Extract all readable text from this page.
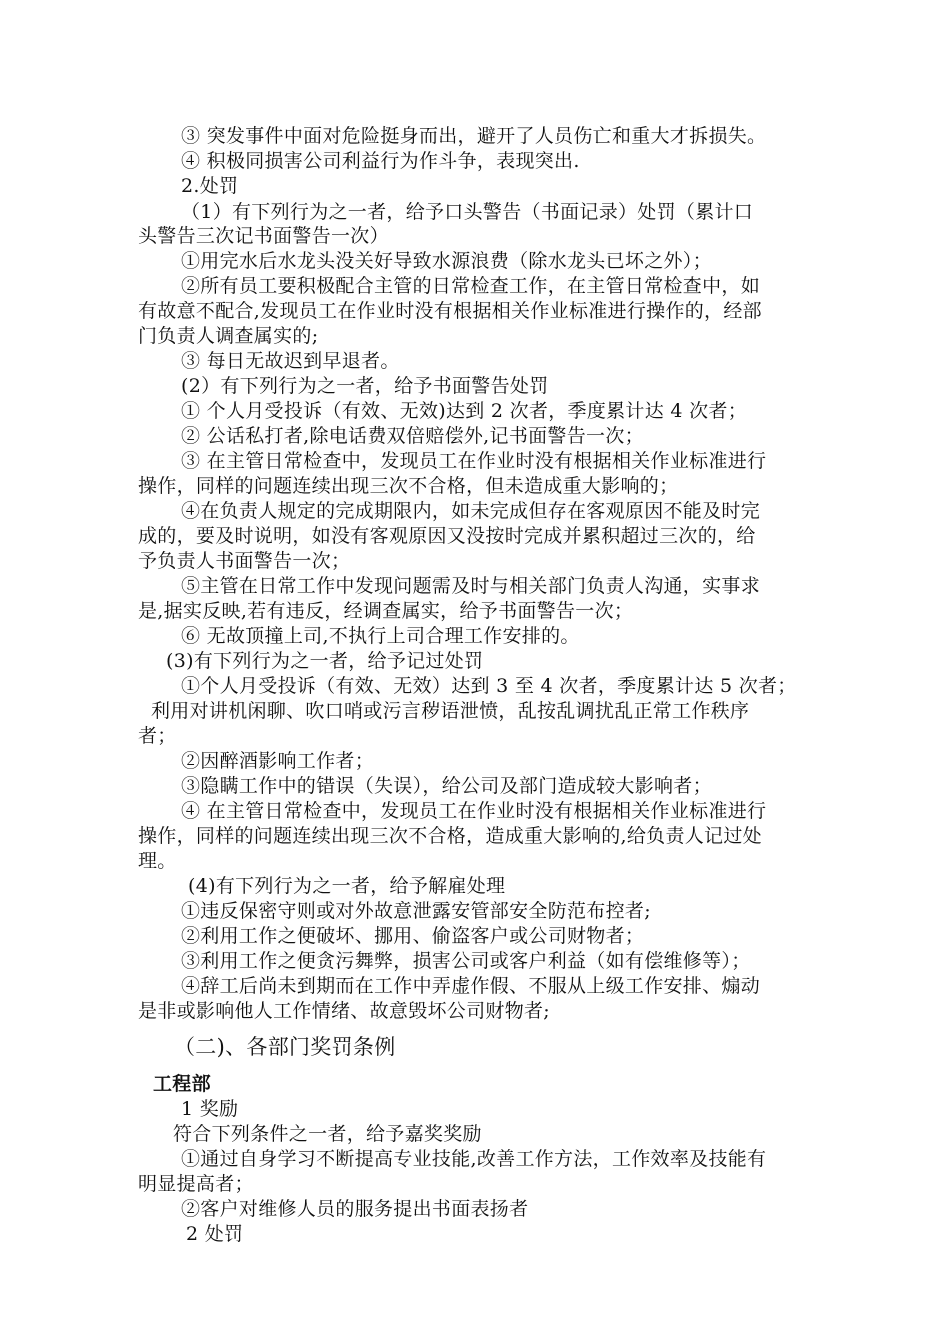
③ 突发事件中面对危险挺身而出，避开了人员伤亡和重大才拆损失。
④ 积极同损害公司利益行为作斗争，表现突出.
2.处罚
（1）有下列行为之一者，给予口头警告（书面记录）处罚（累计口
头警告三次记书面警告一次）
①用完水后水龙头没关好导致水源浪费（除水龙头已坏之外）；
②所有员工要积极配合主管的日常检查工作，在主管日常检查中，如
有故意不配合,发现员工在作业时没有根据相关作业标准进行操作的，经部
门负责人调查属实的;
③ 每日无故迟到早退者。
(2）有下列行为之一者，给予书面警告处罚
① 个人月受投诉（有效、无效)达到 2 次者，季度累计达 4 次者；
② 公话私打者,除电话费双倍赔偿外,记书面警告一次；
③ 在主管日常检查中，发现员工在作业时没有根据相关作业标准进行
操作，同样的问题连续出现三次不合格，但未造成重大影响的；
④在负责人规定的完成期限内，如未完成但存在客观原因不能及时完
成的，要及时说明，如没有客观原因又没按时完成并累积超过三次的，给
予负责人书面警告一次；
⑤主管在日常工作中发现问题需及时与相关部门负责人沟通，实事求
是,据实反映,若有违反，经调查属实，给予书面警告一次；
⑥ 无故顶撞上司,不执行上司合理工作安排的。
(3)有下列行为之一者，给予记过处罚
①个人月受投诉（有效、无效）达到 3 至 4 次者，季度累计达 5 次者；
利用对讲机闲聊、吹口哨或污言秽语泄愤，乱按乱调扰乱正常工作秩序
者；
②因醉酒影响工作者；
③隐瞒工作中的错误（失误），给公司及部门造成较大影响者；
④ 在主管日常检查中，发现员工在作业时没有根据相关作业标准进行
操作，同样的问题连续出现三次不合格，造成重大影响的,给负责人记过处
理。
(4)有下列行为之一者，给予解雇处理
①违反保密守则或对外故意泄露安管部安全防范布控者;
②利用工作之便破坏、挪用、偷盗客户或公司财物者；
③利用工作之便贪污舞弊，损害公司或客户利益（如有偿维修等）；
④辞工后尚未到期而在工作中弄虚作假、不服从上级工作安排、煽动
是非或影响他人工作情绪、故意毁坏公司财物者;
（二)、各部门奖罚条例
工程部
1 奖励
符合下列条件之一者，给予嘉奖奖励
①通过自身学习不断提高专业技能,改善工作方法，工作效率及技能有
明显提高者；
②客户对维修人员的服务提出书面表扬者
2 处罚
